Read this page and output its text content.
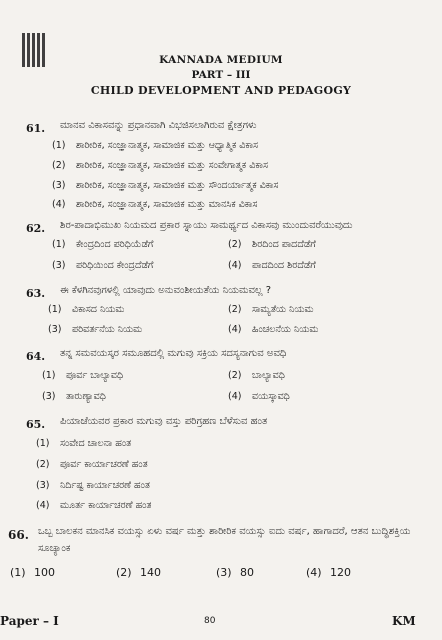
KANNADA MEDIUM
PART – III
CHILD DEVELOPMENT AND PEDAGOGY
61. ಮಾನವ ವಿಕಾಸವನ್ನು ಪ್ರಧಾನವಾಗಿ ವಿಭಜಿಸಲಾಗಿರುವ ಕ್ಷೇತ್ರಗಳು
(1) ಶಾರೀರಿಕ, ಸಂಜ್ಞಾನಾತ್ಮಕ, ಸಾಮಾಜಿಕ ಮತ್ತು ಆಧ್ಯಾತ್ಮಿಕ ವಿಕಾಸ
(2) ಶಾರೀರಿಕ, ಸಂಜ್ಞಾನಾತ್ಮಕ, ಸಾಮಾಜಿಕ ಮತ್ತು ಸಂವೇಗಾತ್ಮಕ ವಿಕಾಸ
(3) ಶಾರೀರಿಕ, ಸಂಜ್ಞಾನಾತ್ಮಕ, ಸಾಮಾಜಿಕ ಮತ್ತು ಸೌಂದರ್ಯಾತ್ಮಕ ವಿಕಾಸ
(4) ಶಾರೀರಿಕ, ಸಂಜ್ಞಾನಾತ್ಮಕ, ಸಾಮಾಜಿಕ ಮತ್ತು ಮಾನಸಿಕ ವಿಕಾಸ
62. ಶಿರ-ಪಾದಾಭಿಮುಖ ನಿಯಮದ ಪ್ರಕಾರ ಸ್ನಾಯು ಸಾಮರ್ಥ್ಯದ ವಿಕಾಸವು ಮುಂದುವರೆಯುವುದು
(1) ಕೇಂದ್ರದಿಂದ ಪರಿಧಿಯೆಡೆಗೆ	(2) ಶಿರದಿಂದ ಪಾದದೆಡೆಗೆ
(3) ಪರಿಧಿಯಿಂದ ಕೇಂದ್ರದೆಡೆಗೆ	(4) ಪಾದದಿಂದ ಶಿರದೆಡೆಗೆ
63. ಈ ಕೆಳಗಿನವುಗಳಲ್ಲಿ ಯಾವುದು ಅನುವಂಶೀಯತೆಯ ನಿಯಮವಲ್ಲ ?
(1) ವಿಕಾಸದ ನಿಯಮ	(2) ಸಾಮ್ಯತೆಯ ನಿಯಮ
(3) ಪರಿವರ್ತನೆಯ ನಿಯಮ	(4) ಹಿಂಚಲನೆಯ ನಿಯಮ
64. ತನ್ನ ಸಮವಯಸ್ಕರ ಸಮೂಹದಲ್ಲಿ ಮಗುವು ಸಕ್ರಿಯ ಸದಸ್ಯನಾಗುವ ಅವಧಿ
(1) ಪೂರ್ವ ಬಾಲ್ಯಾವಧಿ	(2) ಬಾಲ್ಯಾವಧಿ
(3) ತಾರುಣ್ಯಾವಧಿ	(4) ವಯಸ್ಕಾವಧಿ
65. ಪಿಯಾಜೆಯವರ ಪ್ರಕಾರ ಮಗುವು ವಸ್ತು ಪರಿಗ್ರಹಣ ಬೆಳೆಸುವ ಹಂತ
(1) ಸಂವೇದ ಚಾಲನಾ ಹಂತ
(2) ಪೂರ್ವ ಕಾರ್ಯಾಚರಣೆ ಹಂತ
(3) ನಿರ್ದಿಷ್ಟ ಕಾರ್ಯಾಚರಣೆ ಹಂತ
(4) ಮೂರ್ತ ಕಾರ್ಯಾಚರಣೆ ಹಂತ
66. ಒಬ್ಬ ಬಾಲಕನ ಮಾನಸಿಕ ವಯಸ್ಸು ಏಳು ವರ್ಷ ಮತ್ತು ಶಾರೀರಿಕ ವಯಸ್ಸು ಐದು ವರ್ಷ, ಹಾಗಾದರೆ, ಆತನ ಬುದ್ಧಿಶಕ್ತಿಯ ಸೂಚ್ಯಾಂಕ
(1) 100	(2) 140	(3) 80	(4) 120
Paper – I	80	KM
